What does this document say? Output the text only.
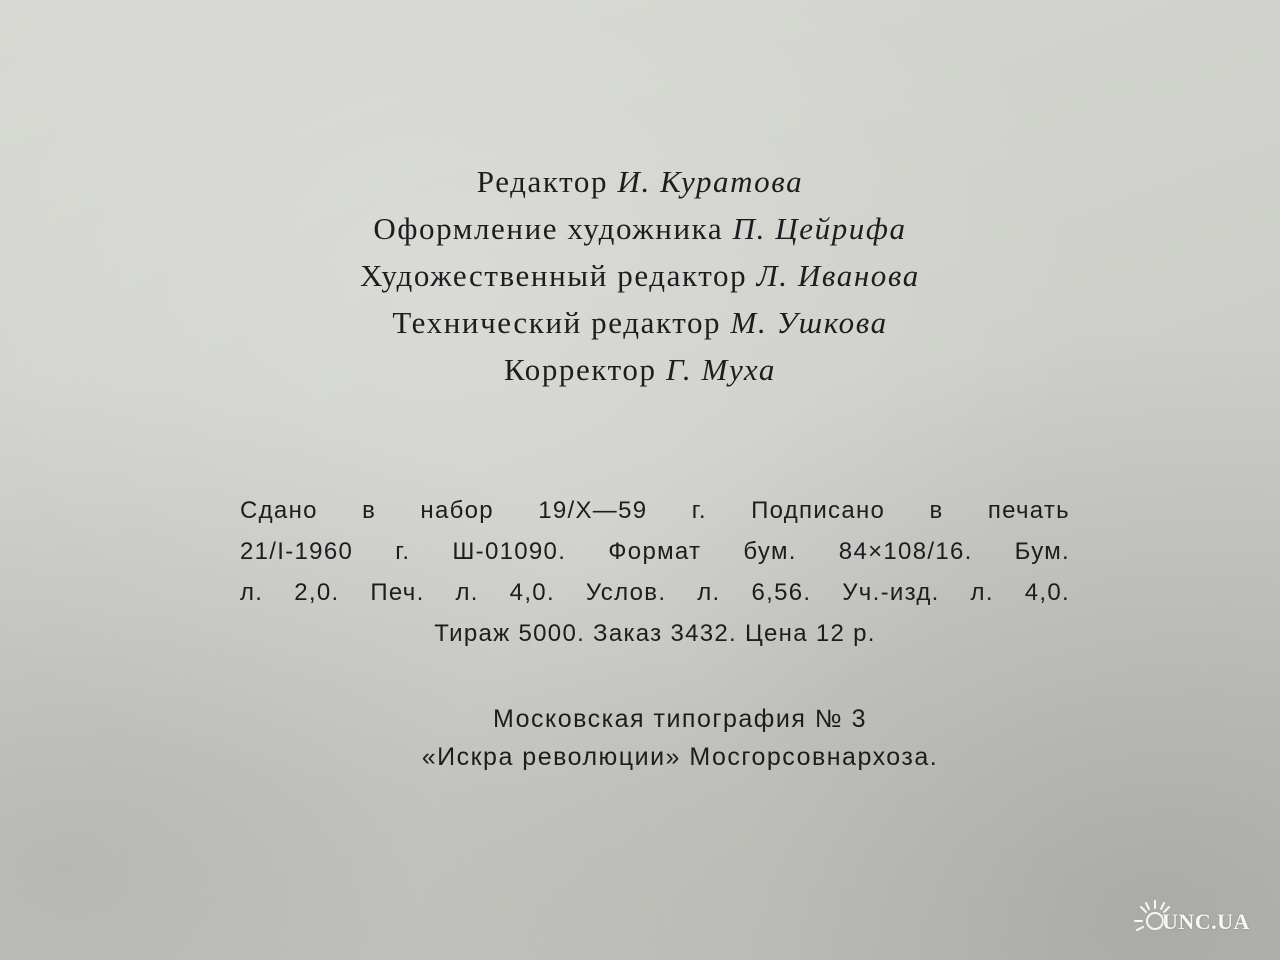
Редактор И. Куратова
Оформление художника П. Цейрифа
Художественный редактор Л. Иванова
Технический редактор М. Ушкова
Корректор Г. Муха
Сдано в набор 19/X—59 г. Подписано в печать
21/I-1960 г. Ш-01090. Формат бум. 84×108/16. Бум.
л. 2,0. Печ. л. 4,0. Услов. л. 6,56. Уч.-изд. л. 4,0.
Тираж 5000. Заказ 3432. Цена 12 р.
Московская типография № 3
«Искра революции» Мосгорсовнархоза.
UNC.UA
